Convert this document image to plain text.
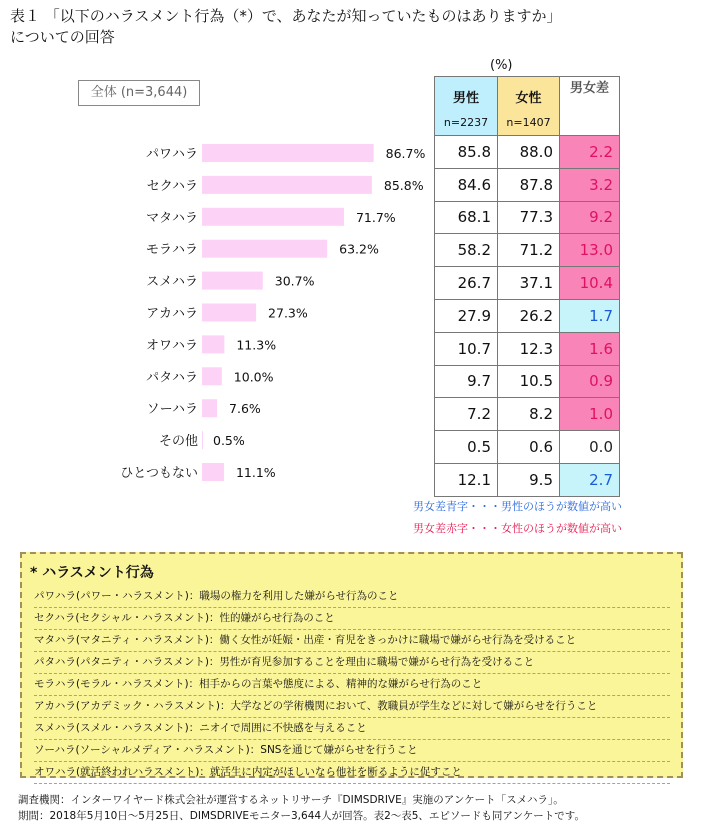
表１ 「以下のハラスメント行為（*）で、あなたが知っていたものはありますか」
についての回答
全体 (n=3,644)
パワハラ	86.7%
セクハラ	85.8%
マタハラ	71.7%
モラハラ	63.2%
スメハラ	30.7%
アカハラ	27.3%
オワハラ	11.3%
パタハラ	10.0%
ソーハラ 7.6%
その他 0.5%
ひとつもない	11.1%
(%)
男性
n=2237	女性
n=1407	男女差
85.8	88.0	2.2
84.6	87.8	3.2
68.1	77.3	9.2
58.2	71.2	13.0
26.7	37.1	10.4
27.9	26.2	1.7
10.7	12.3	1.6
9.7	10.5	0.9
7.2	8.2	1.0
0.5	0.6	0.0
12.1	9.5	2.7
男女差青字・・・男性のほうが数値が高い
男女差赤字・・・女性のほうが数値が高い
* ハラスメント行為
パワハラ(パワー・ハラスメント)：職場の権力を利用した嫌がらせ行為のこと
セクハラ(セクシャル・ハラスメント)：性的嫌がらせ行為のこと
マタハラ(マタニティ・ハラスメント)：働く女性が妊娠・出産・育児をきっかけに職場で嫌がらせ行為を受けること
パタハラ(パタニティ・ハラスメント)：男性が育児参加することを理由に職場で嫌がらせ行為を受けること
モラハラ(モラル・ハラスメント)：相手からの言葉や態度による、精神的な嫌がらせ行為のこと
アカハラ(アカデミック・ハラスメント)：大学などの学術機関において、教職員が学生などに対して嫌がらせを行うこと
スメハラ(スメル・ハラスメント)：ニオイで周囲に不快感を与えること
ソーハラ(ソーシャルメディア・ハラスメント)：SNSを通じて嫌がらせを行うこと
オワハラ(就活終われハラスメント)：就活生に内定がほしいなら他社を断るように促すこと
調査機関：インターワイヤード株式会社が運営するネットリサーチ『DIMSDRIVE』実施のアンケート「スメハラ」。
期間：2018年5月10日～5月25日、DIMSDRIVEモニター3,644人が回答。表2～表5、エピソードも同アンケートです。
